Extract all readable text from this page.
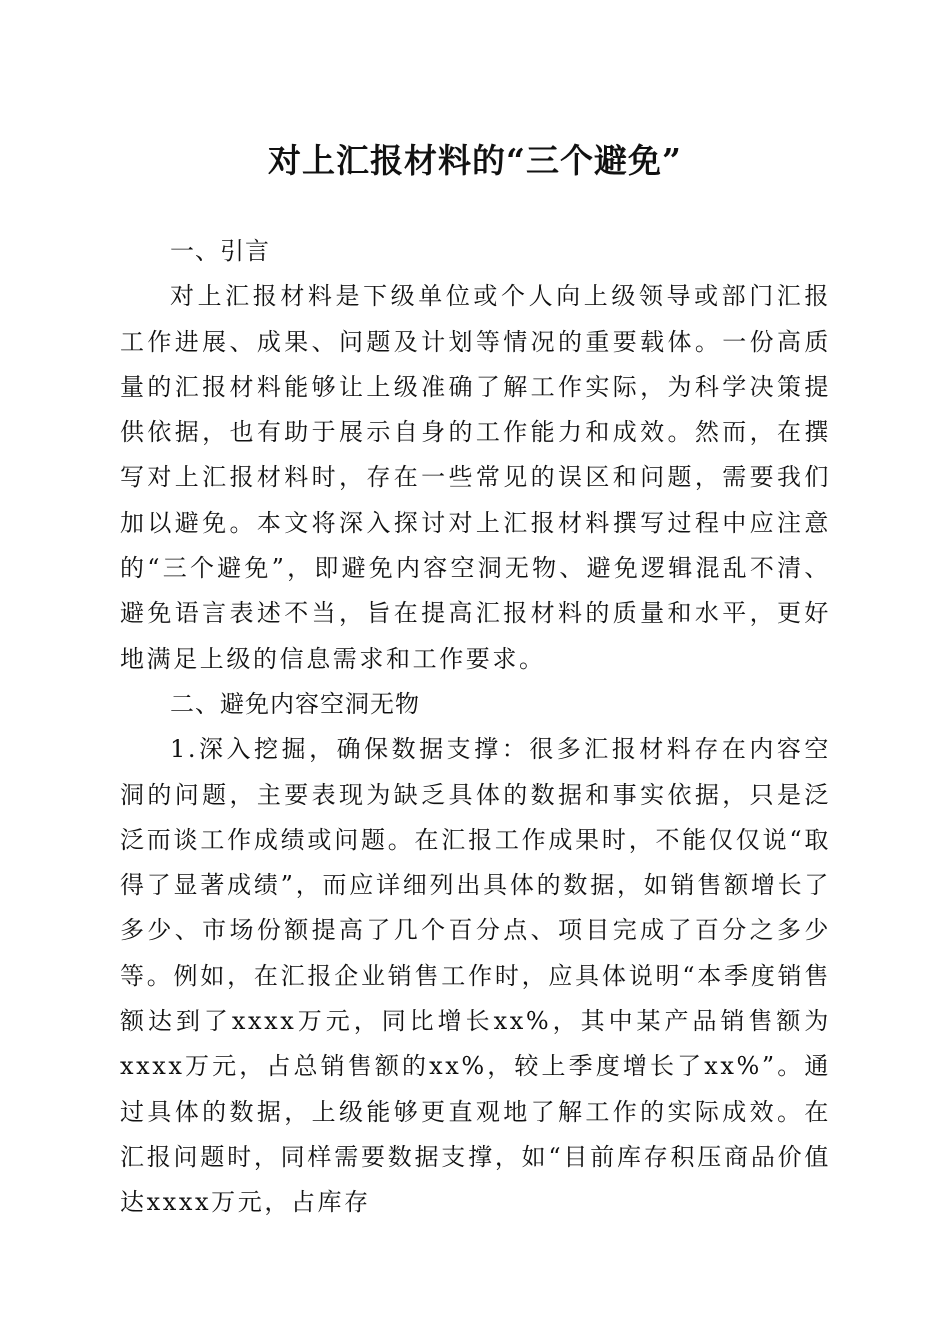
对上汇报材料的“三个避免”
一、引言

对上汇报材料是下级单位或个人向上级领导或部门汇报工作进展、成果、问题及计划等情况的重要载体。一份高质量的汇报材料能够让上级准确了解工作实际，为科学决策提供依据，也有助于展示自身的工作能力和成效。然而，在撰写对上汇报材料时，存在一些常见的误区和问题，需要我们加以避免。本文将深入探讨对上汇报材料撰写过程中应注意的“三个避免”，即避免内容空洞无物、避免逻辑混乱不清、避免语言表述不当，旨在提高汇报材料的质量和水平，更好地满足上级的信息需求和工作要求。

二、避免内容空洞无物

1.深入挖掘，确保数据支撑：很多汇报材料存在内容空洞的问题，主要表现为缺乏具体的数据和事实依据，只是泛泛而谈工作成绩或问题。在汇报工作成果时，不能仅仅说“取得了显著成绩”，而应详细列出具体的数据，如销售额增长了多少、市场份额提高了几个百分点、项目完成了百分之多少等。例如，在汇报企业销售工作时，应具体说明“本季度销售额达到了xxxx万元，同比增长xx%，其中某产品销售额为xxxx万元，占总销售额的xx%，较上季度增长了xx%”。通过具体的数据，上级能够更直观地了解工作的实际成效。在汇报问题时，同样需要数据支撑，如“目前库存积压商品价值达xxxx万元，占库存
